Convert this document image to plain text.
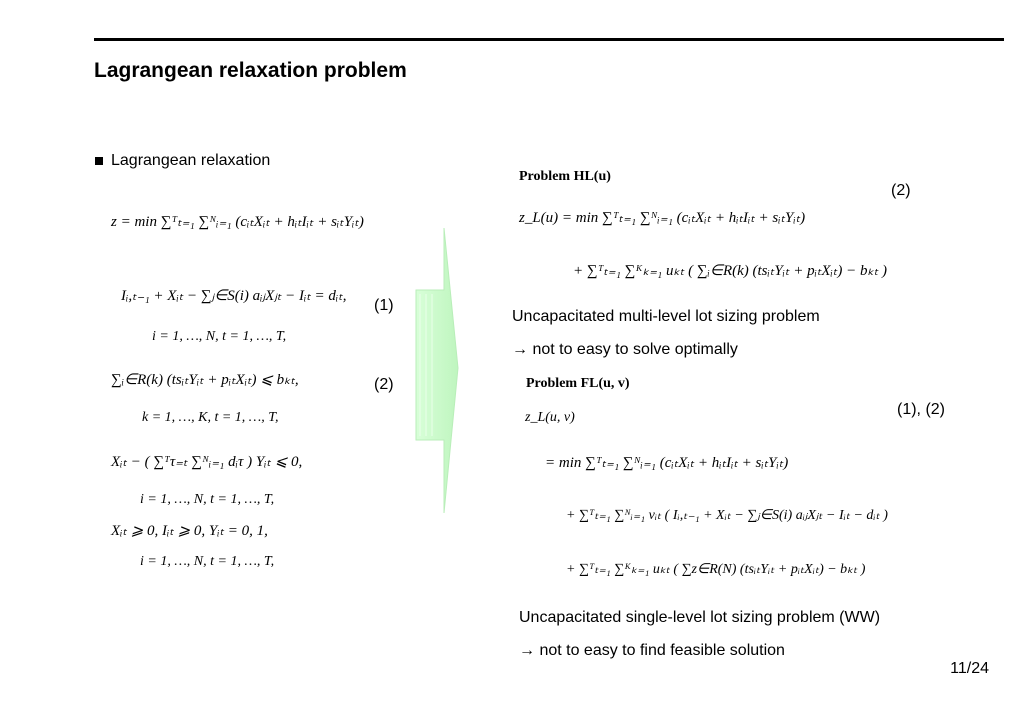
Lagrangean relaxation problem
Lagrangean relaxation
z = min ∑ᵀₜ₌₁ ∑ᴺᵢ₌₁ (cᵢₜXᵢₜ + hᵢₜIᵢₜ + sᵢₜYᵢₜ)
Iᵢ,ₜ₋₁ + Xᵢₜ − ∑ⱼ∈S(i) aᵢⱼXⱼₜ − Iᵢₜ = dᵢₜ,
i = 1, …, N, t = 1, …, T,
(1)
∑ᵢ∈R(k) (tsᵢₜYᵢₜ + pᵢₜXᵢₜ) ⩽ bₖₜ,
k = 1, …, K, t = 1, …, T,
(2)
Xᵢₜ − ( ∑ᵀτ₌ₜ ∑ᴺᵢ₌₁ dᵢτ ) Yᵢₜ ⩽ 0,
i = 1, …, N, t = 1, …, T,
Xᵢₜ ⩾ 0, Iᵢₜ ⩾ 0, Yᵢₜ = 0, 1,
i = 1, …, N, t = 1, …, T,
Problem HL(u)
(2)
z_L(u) = min ∑ᵀₜ₌₁ ∑ᴺᵢ₌₁ (cᵢₜXᵢₜ + hᵢₜIᵢₜ + sᵢₜYᵢₜ)
+ ∑ᵀₜ₌₁ ∑ᴷₖ₌₁ uₖₜ ( ∑ᵢ∈R(k) (tsᵢₜYᵢₜ + pᵢₜXᵢₜ) − bₖₜ )
Uncapacitated multi-level lot sizing problem
→ not to easy to solve optimally
Problem FL(u, v)
(1), (2)
z_L(u, v)
= min ∑ᵀₜ₌₁ ∑ᴺᵢ₌₁ (cᵢₜXᵢₜ + hᵢₜIᵢₜ + sᵢₜYᵢₜ)
+ ∑ᵀₜ₌₁ ∑ᴺᵢ₌₁ vᵢₜ ( Iᵢ,ₜ₋₁ + Xᵢₜ − ∑ⱼ∈S(i) aᵢⱼXⱼₜ − Iᵢₜ − dᵢₜ )
+ ∑ᵀₜ₌₁ ∑ᴷₖ₌₁ uₖₜ ( ∑z∈R(N) (tsᵢₜYᵢₜ + pᵢₜXᵢₜ) − bₖₜ )
Uncapacitated single-level lot sizing problem (WW)
→ not to easy to find feasible solution
11/24
